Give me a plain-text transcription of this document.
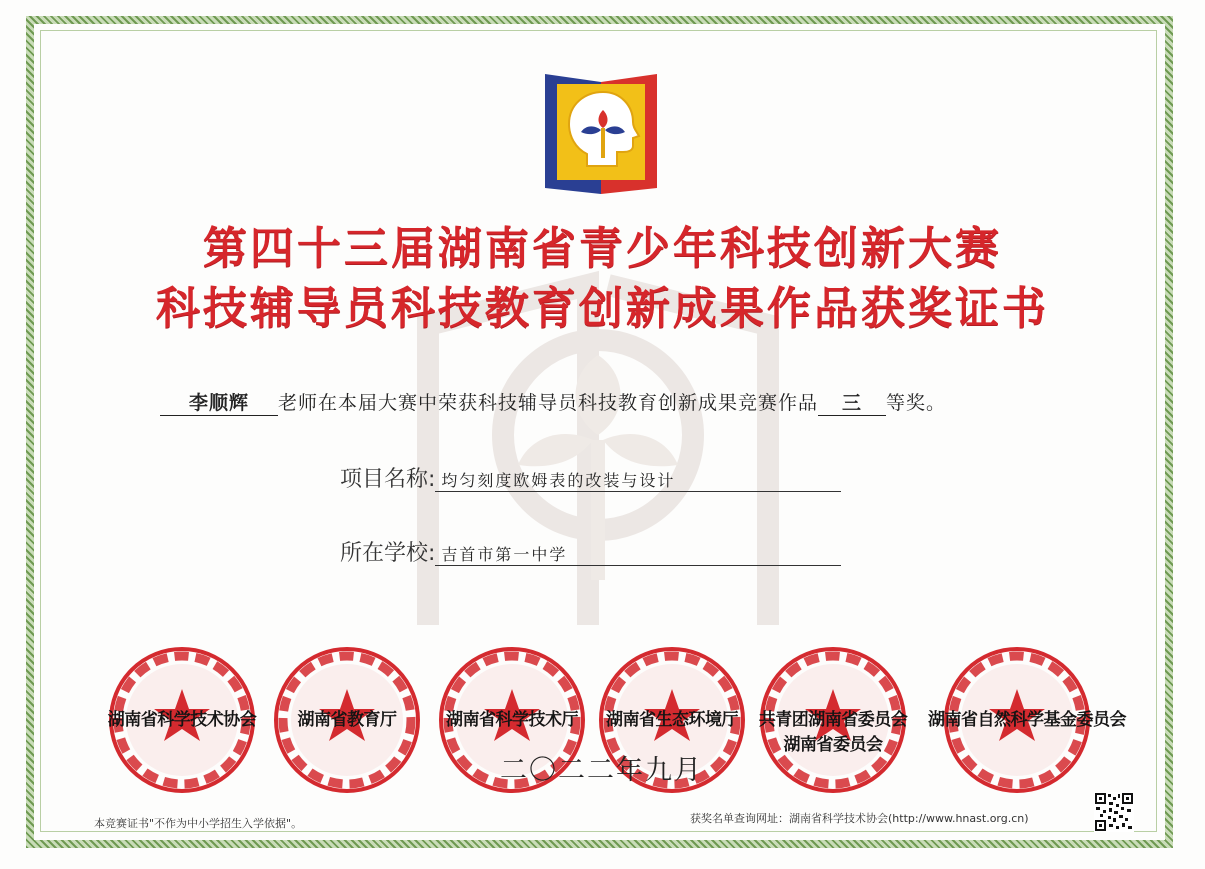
第四十三届湖南省青少年科技创新大赛
科技辅导员科技教育创新成果作品获奖证书
李顺辉 老师在本届大赛中荣获科技辅导员科技教育创新成果竞赛作品 三 等奖。
项目名称: 均匀刻度欧姆表的改装与设计
所在学校: 吉首市第一中学
湖南省科学技术协会	湖南省教育厅	湖南省科学技术厅	湖南省生态环境厅	共青团湖南省委员会
湖南省委员会
湖南省自然科学基金委员会
二〇二二年九月
本竞赛证书"不作为中小学招生入学依据"。	获奖名单查询网址：湖南省科学技术协会(http://www.hnast.org.cn)
